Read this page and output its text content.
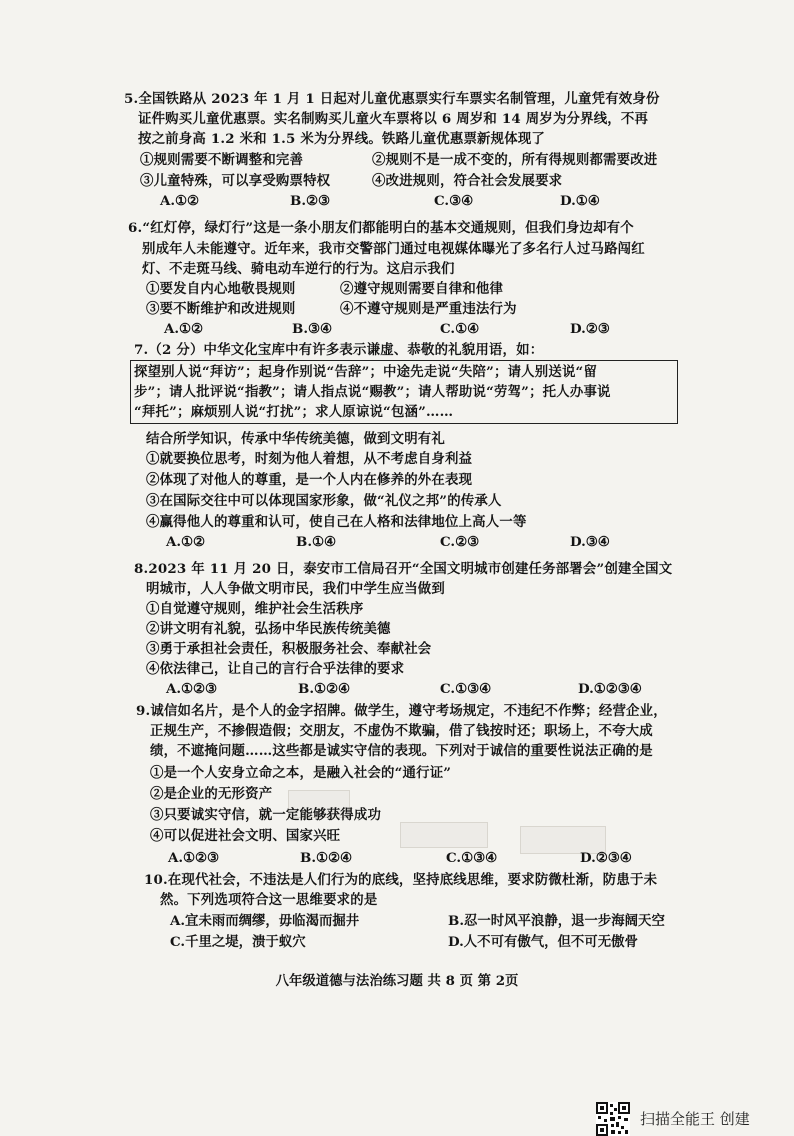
5.全国铁路从 2023 年 1 月 1 日起对儿童优惠票实行车票实名制管理，儿童凭有效身份
证件购买儿童优惠票。实名制购买儿童火车票将以 6 周岁和 14 周岁为分界线，不再
按之前身高 1.2 米和 1.5 米为分界线。铁路儿童优惠票新规体现了
①规则需要不断调整和完善	②规则不是一成不变的，所有得规则都需要改进
③儿童特殊，可以享受购票特权	④改进规则，符合社会发展要求
A.①②	B.②③	C.③④	D.①④
6.“红灯停，绿灯行”这是一条小朋友们都能明白的基本交通规则，但我们身边却有个
别成年人未能遵守。近年来，我市交警部门通过电视媒体曝光了多名行人过马路闯红
灯、不走斑马线、骑电动车逆行的行为。这启示我们
①要发自内心地敬畏规则	②遵守规则需要自律和他律
③要不断维护和改进规则	④不遵守规则是严重违法行为
A.①②	B.③④	C.①④	D.②③
7.（2 分）中华文化宝库中有许多表示谦虚、恭敬的礼貌用语，如：
探望别人说“拜访”；起身作别说“告辞”；中途先走说“失陪”；请人别送说“留
步”；请人批评说“指教”；请人指点说“赐教”；请人帮助说“劳驾”；托人办事说
“拜托”；麻烦别人说“打扰”；求人原谅说“包涵”……
结合所学知识，传承中华传统美德，做到文明有礼
①就要换位思考，时刻为他人着想，从不考虑自身利益
②体现了对他人的尊重，是一个人内在修养的外在表现
③在国际交往中可以体现国家形象，做“礼仪之邦”的传承人
④赢得他人的尊重和认可，使自己在人格和法律地位上高人一等
A.①②	B.①④	C.②③	D.③④
8.2023 年 11 月 20 日，泰安市工信局召开“全国文明城市创建任务部署会”创建全国文
明城市，人人争做文明市民，我们中学生应当做到
①自觉遵守规则，维护社会生活秩序
②讲文明有礼貌，弘扬中华民族传统美德
③勇于承担社会责任，积极服务社会、奉献社会
④依法律己，让自己的言行合乎法律的要求
A.①②③	B.①②④	C.①③④	D.①②③④
9.诚信如名片，是个人的金字招牌。做学生，遵守考场规定，不违纪不作弊；经营企业，
正规生产，不掺假造假；交朋友，不虚伪不欺骗，借了钱按时还；职场上，不夸大成
绩，不遮掩问题……这些都是诚实守信的表现。下列对于诚信的重要性说法正确的是
①是一个人安身立命之本，是融入社会的“通行证”
②是企业的无形资产
③只要诚实守信，就一定能够获得成功
④可以促进社会文明、国家兴旺
A.①②③	B.①②④	C.①③④	D.②③④
10.在现代社会，不违法是人们行为的底线，坚持底线思维，要求防微杜渐，防患于未
然。下列选项符合这一思维要求的是
A.宜未雨而绸缪，毋临渴而掘井	B.忍一时风平浪静，退一步海阔天空
C.千里之堤，溃于蚁穴	D.人不可有傲气，但不可无傲骨
八年级道德与法治练习题 共 8 页 第 2页
扫描全能王 创建
